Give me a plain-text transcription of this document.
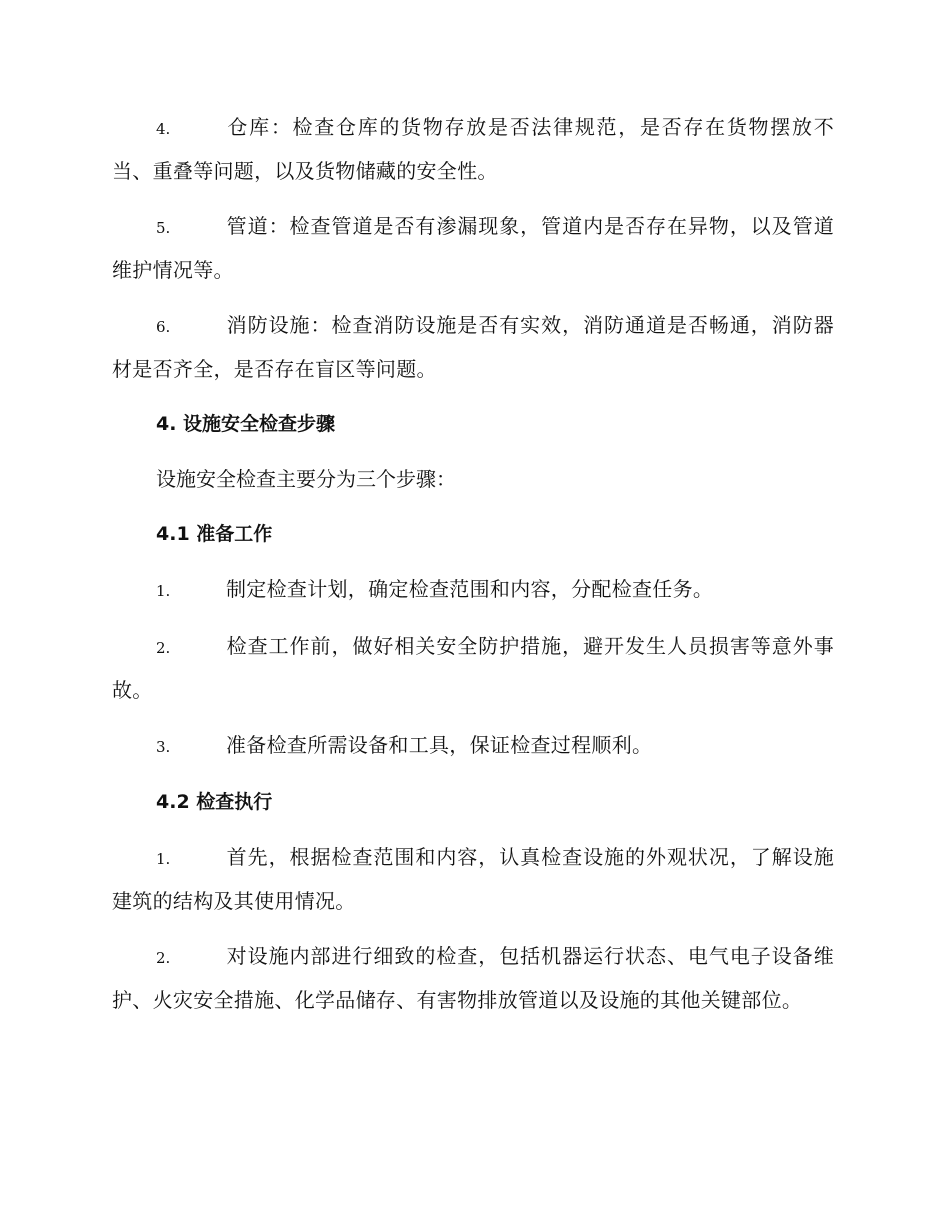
4.	仓库：检查仓库的货物存放是否法律规范，是否存在货物摆放不当、重叠等问题，以及货物储藏的安全性。
5.	管道：检查管道是否有渗漏现象，管道内是否存在异物，以及管道维护情况等。
6.	消防设施：检查消防设施是否有实效，消防通道是否畅通，消防器材是否齐全，是否存在盲区等问题。
4. 设施安全检查步骤
设施安全检查主要分为三个步骤：
4.1 准备工作
1.	制定检查计划，确定检查范围和内容，分配检查任务。
2.	检查工作前，做好相关安全防护措施，避开发生人员损害等意外事故。
3.	准备检查所需设备和工具，保证检查过程顺利。
4.2 检查执行
1.	首先，根据检查范围和内容，认真检查设施的外观状况，了解设施建筑的结构及其使用情况。
2.	对设施内部进行细致的检查，包括机器运行状态、电气电子设备维护、火灾安全措施、化学品储存、有害物排放管道以及设施的其他关键部位。
